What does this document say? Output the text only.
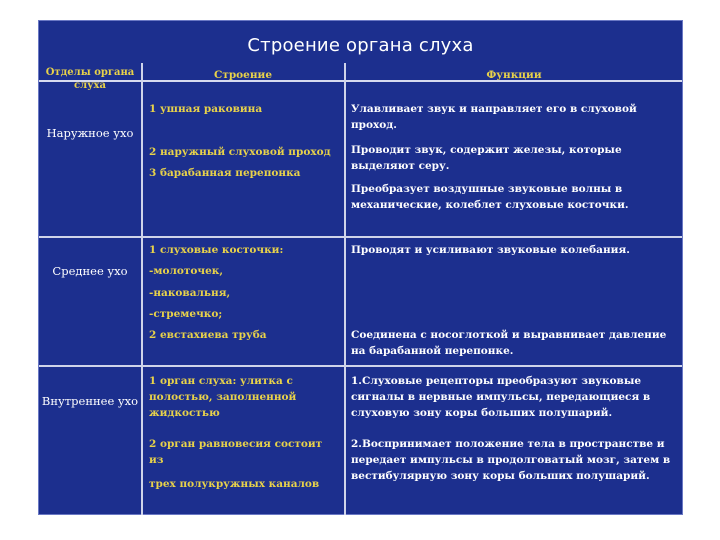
Строение органа слуха
Отделы органа слуха
Строение	Функции
Наружное ухо
1 ушная раковина
2 наружный слуховой проход
3 барабанная перепонка
Улавливает звук и направляет его в слуховой проход.
Проводит звук, содержит железы, которые выделяют серу.
Преобразует воздушные звуковые волны в механические, колеблет слуховые косточки.
Среднее ухо
1 слуховые косточки:
-молоточек,
-наковальня,
-стремечко;
2 евстахиева труба
Проводят и усиливают звуковые колебания.
Соединена с носоглоткой и выравнивает давление на барабанной перепонке.
Внутреннее ухо
1 орган слуха: улитка с полостью, заполненной жидкостью
2 орган равновесия состоит из
трех полукружных каналов
1.Слуховые рецепторы преобразуют звуковые сигналы в нервные импульсы, передающиеся в слуховую зону коры больших полушарий.
2.Воспринимает положение тела в пространстве и передает импульсы в продолговатый мозг, затем в вестибулярную зону коры больших полушарий.
